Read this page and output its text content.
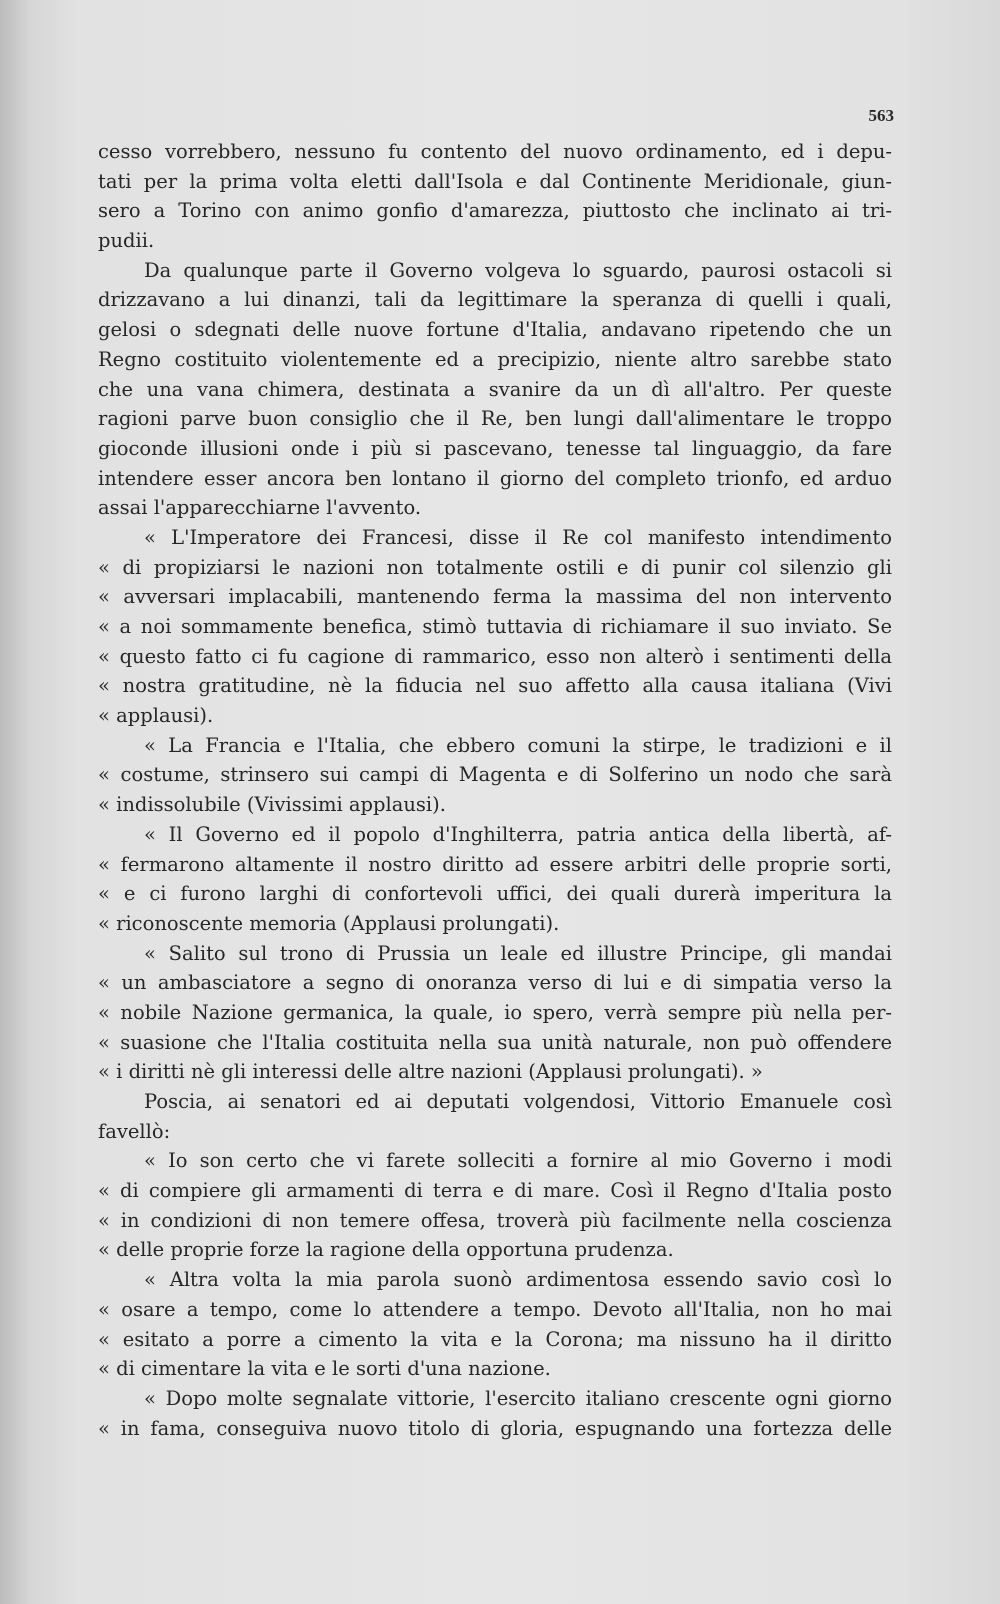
563

cesso vorrebbero, nessuno fu contento del nuovo ordinamento, ed i depu-
tati per la prima volta eletti dall'Isola e dal Continente Meridionale, giun-
sero a Torino con animo gonfio d'amarezza, piuttosto che inclinato ai tri-
pudii.
Da qualunque parte il Governo volgeva lo sguardo, paurosi ostacoli si
drizzavano a lui dinanzi, tali da legittimare la speranza di quelli i quali,
gelosi o sdegnati delle nuove fortune d'Italia, andavano ripetendo che un
Regno costituito violentemente ed a precipizio, niente altro sarebbe stato
che una vana chimera, destinata a svanire da un dì all'altro. Per queste
ragioni parve buon consiglio che il Re, ben lungi dall'alimentare le troppo
gioconde illusioni onde i più si pascevano, tenesse tal linguaggio, da fare
intendere esser ancora ben lontano il giorno del completo trionfo, ed arduo
assai l'apparecchiarne l'avvento.
« L'Imperatore dei Francesi, disse il Re col manifesto intendimento
« di propiziarsi le nazioni non totalmente ostili e di punir col silenzio gli
« avversari implacabili, mantenendo ferma la massima del non intervento
« a noi sommamente benefica, stimò tuttavia di richiamare il suo inviato. Se
« questo fatto ci fu cagione di rammarico, esso non alterò i sentimenti della
« nostra gratitudine, nè la fiducia nel suo affetto alla causa italiana (Vivi
« applausi).
« La Francia e l'Italia, che ebbero comuni la stirpe, le tradizioni e il
« costume, strinsero sui campi di Magenta e di Solferino un nodo che sarà
« indissolubile (Vivissimi applausi).
« Il Governo ed il popolo d'Inghilterra, patria antica della libertà, af-
« fermarono altamente il nostro diritto ad essere arbitri delle proprie sorti,
« e ci furono larghi di confortevoli uffici, dei quali durerà imperitura la
« riconoscente memoria (Applausi prolungati).
« Salito sul trono di Prussia un leale ed illustre Principe, gli mandai
« un ambasciatore a segno di onoranza verso di lui e di simpatia verso la
« nobile Nazione germanica, la quale, io spero, verrà sempre più nella per-
« suasione che l'Italia costituita nella sua unità naturale, non può offendere
« i diritti nè gli interessi delle altre nazioni (Applausi prolungati). »
Poscia, ai senatori ed ai deputati volgendosi, Vittorio Emanuele così
favellò:
« Io son certo che vi farete solleciti a fornire al mio Governo i modi
« di compiere gli armamenti di terra e di mare. Così il Regno d'Italia posto
« in condizioni di non temere offesa, troverà più facilmente nella coscienza
« delle proprie forze la ragione della opportuna prudenza.
« Altra volta la mia parola suonò ardimentosa essendo savio così lo
« osare a tempo, come lo attendere a tempo. Devoto all'Italia, non ho mai
« esitato a porre a cimento la vita e la Corona; ma nissuno ha il diritto
« di cimentare la vita e le sorti d'una nazione.
« Dopo molte segnalate vittorie, l'esercito italiano crescente ogni giorno
« in fama, conseguiva nuovo titolo di gloria, espugnando una fortezza delle
